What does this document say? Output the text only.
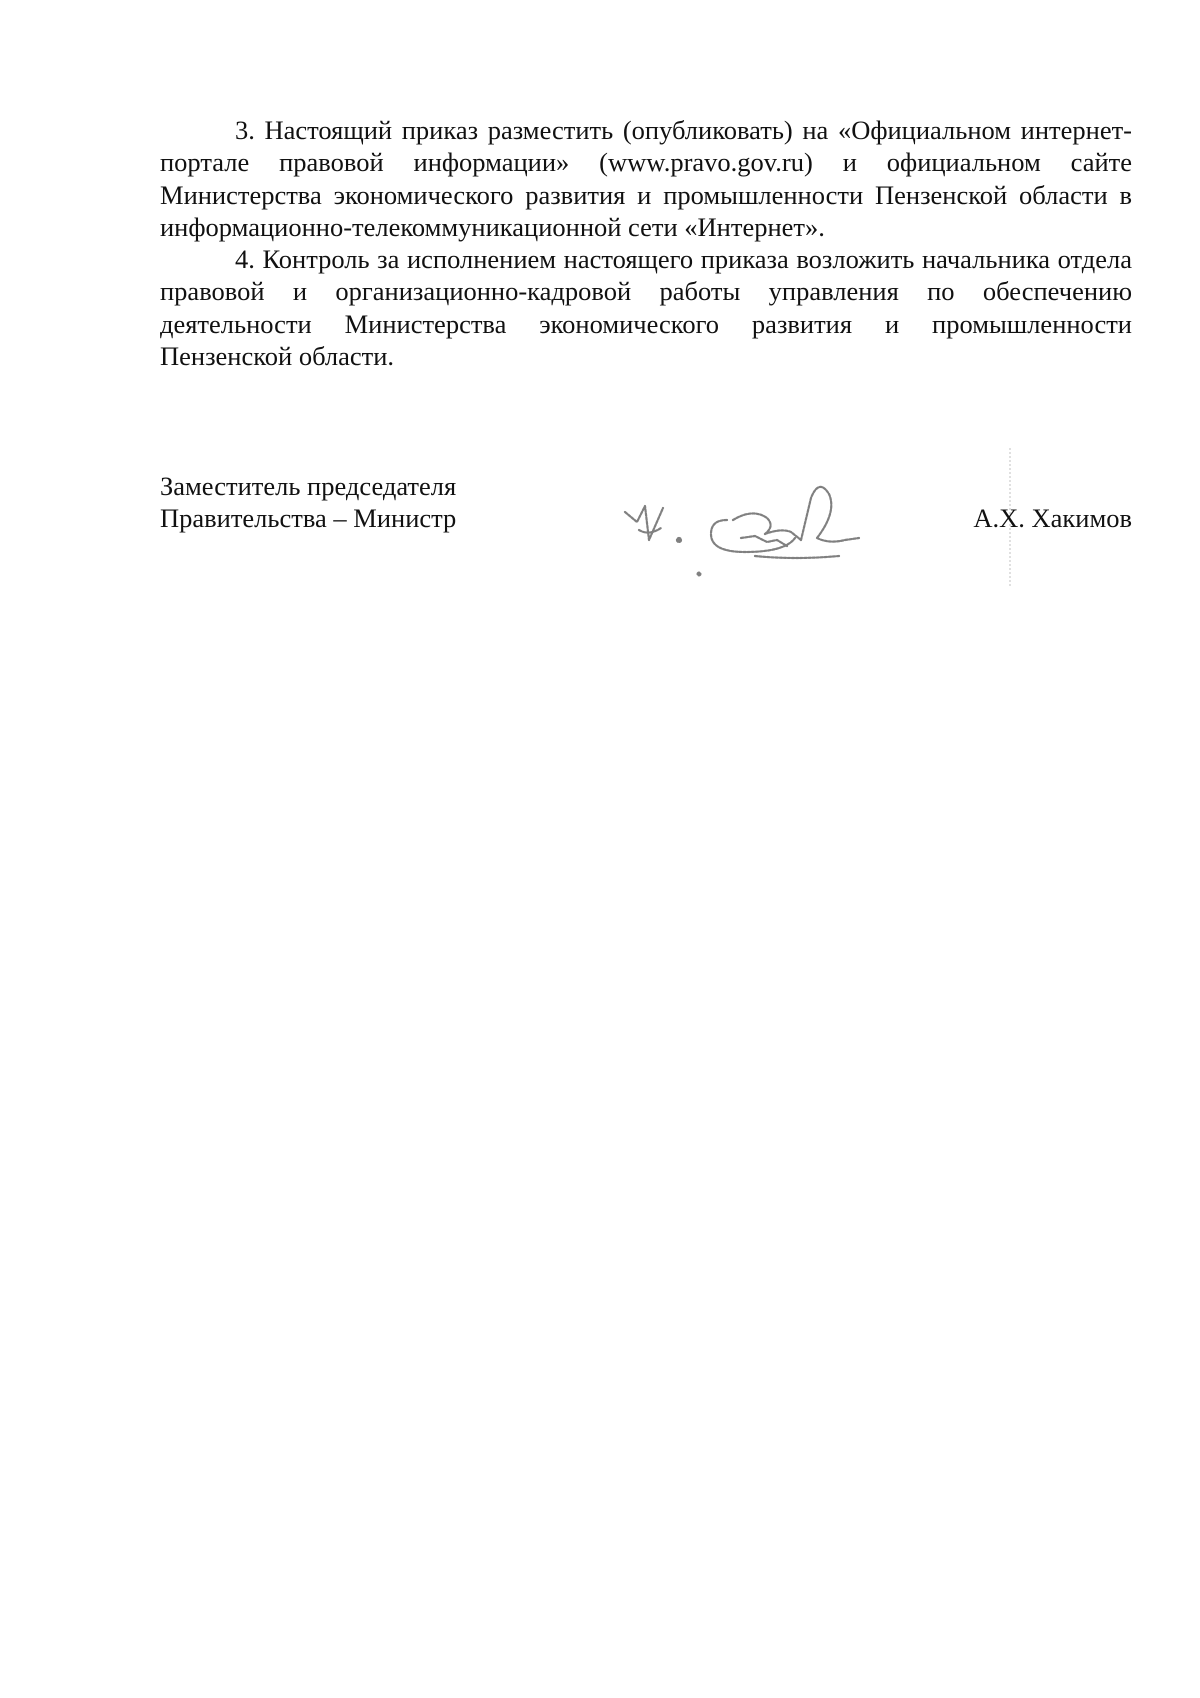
3. Настоящий приказ разместить (опубликовать) на «Официальном интернет-портале правовой информации» (www.pravo.gov.ru) и официальном сайте Министерства экономического развития и промышленности Пензенской области в информационно-телекоммуникационной сети «Интернет».

4. Контроль за исполнением настоящего приказа возложить начальника отдела правовой и организационно-кадровой работы управления по обеспечению деятельности Министерства экономического развития и промышленности Пензенской области.

Заместитель председателя
Правительства – Министр	А.Х. Хакимов
